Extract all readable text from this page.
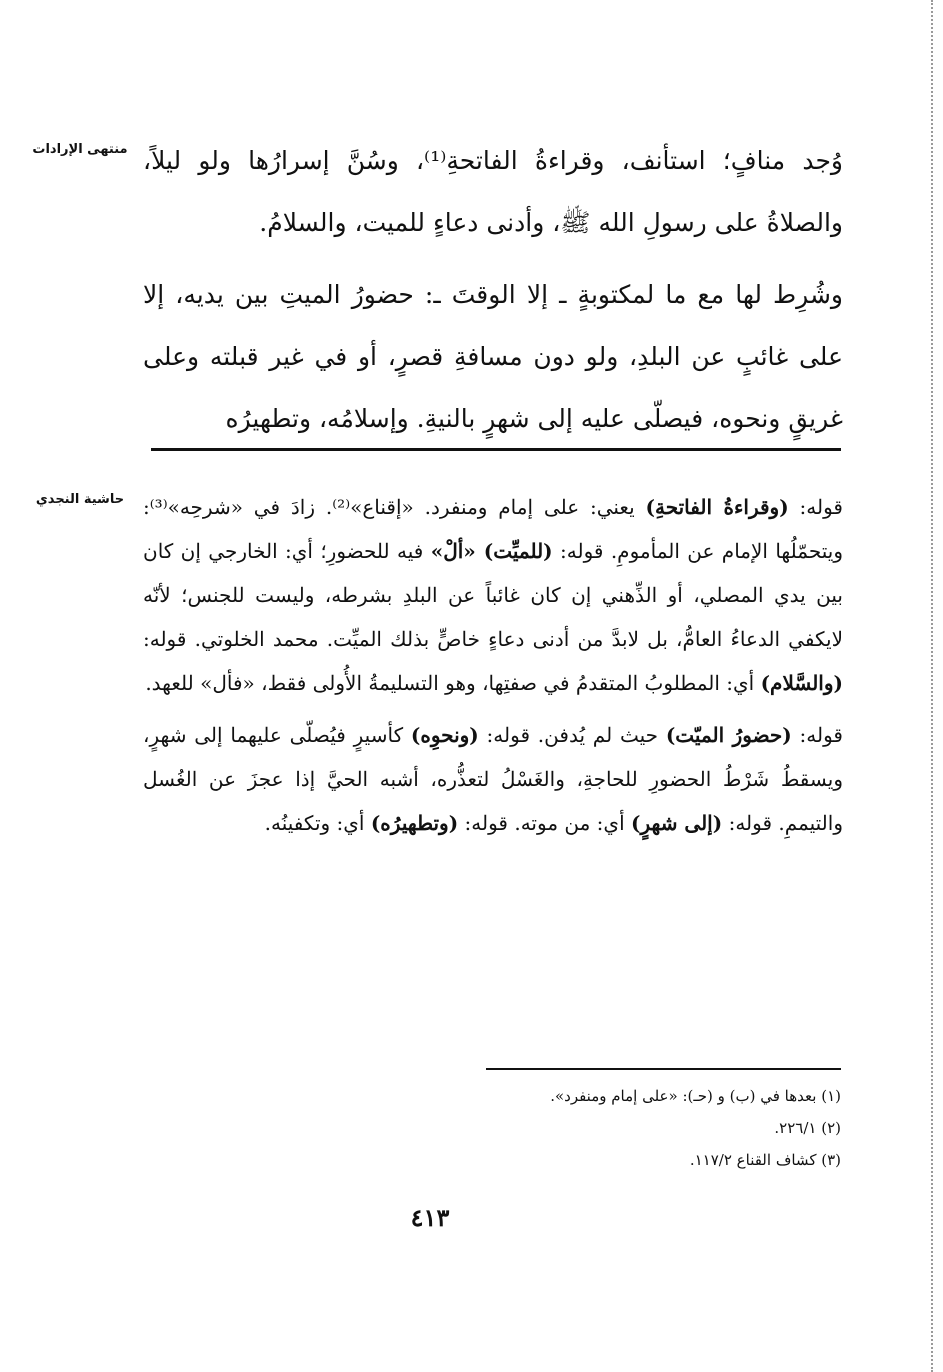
منتهى الإرادات
حاشية النجدي

وُجد منافٍ؛ استأنف، وقراءةُ الفاتحةِ⁽¹⁾، وسُنَّ إسرارُها ولو ليلاً، والصلاةُ على رسولِ الله ﷺ، وأدنى دعاءٍ للميت، والسلامُ.

وشُرِط لها مع ما لمكتوبةٍ ـ إلا الوقتَ ـ: حضورُ الميتِ بين يديه، إلا على غائبٍ عن البلدِ، ولو دون مسافةِ قصرٍ، أو في غير قبلته وعلى غريقٍ ونحوه، فيصلّى عليه إلى شهرٍ بالنيةِ. وإسلامُه، وتطهيرُه

قوله: (وقراءةُ الفاتحةِ) يعني: على إمام ومنفرد. «إقناع»⁽²⁾. زادَ في «شرحِه»⁽³⁾: ويتحمّلُها الإمام عن المأمومِ. قوله: (للميِّت) «ألْ» فيه للحضورِ؛ أي: الخارجي إن كان بين يدي المصلي، أو الذِّهني إن كان غائباً عن البلدِ بشرطه، وليست للجنس؛ لأنّه لايكفي الدعاءُ العامُّ، بل لابدَّ من أدنى دعاءٍ خاصٍّ بذلك الميِّت. محمد الخلوتي. قوله: (والسَّلام) أي: المطلوبُ المتقدمُ في صفتِها، وهو التسليمةُ الأُولى فقط، «فأل» للعهد.

قوله: (حضورُ الميّت) حيث لم يُدفن. قوله: (ونحوِه) كأسيرٍ فيُصلّى عليهما إلى شهرٍ، ويسقطُ شَرْطُ الحضورِ للحاجةِ، والغَسْلُ لتعذُّره، أشبه الحيَّ إذا عجزَ عن الغُسل والتيممِ. قوله: (إلى شهرٍ) أي: من موته. قوله: (وتطهيرُه) أي: وتكفينُه.

(١) بعدها في (ب) و (حـ): «على إمام ومنفرد».
(٢) ٢٢٦/١.
(٣) كشاف القناع ١١٧/٢.
٤١٣
